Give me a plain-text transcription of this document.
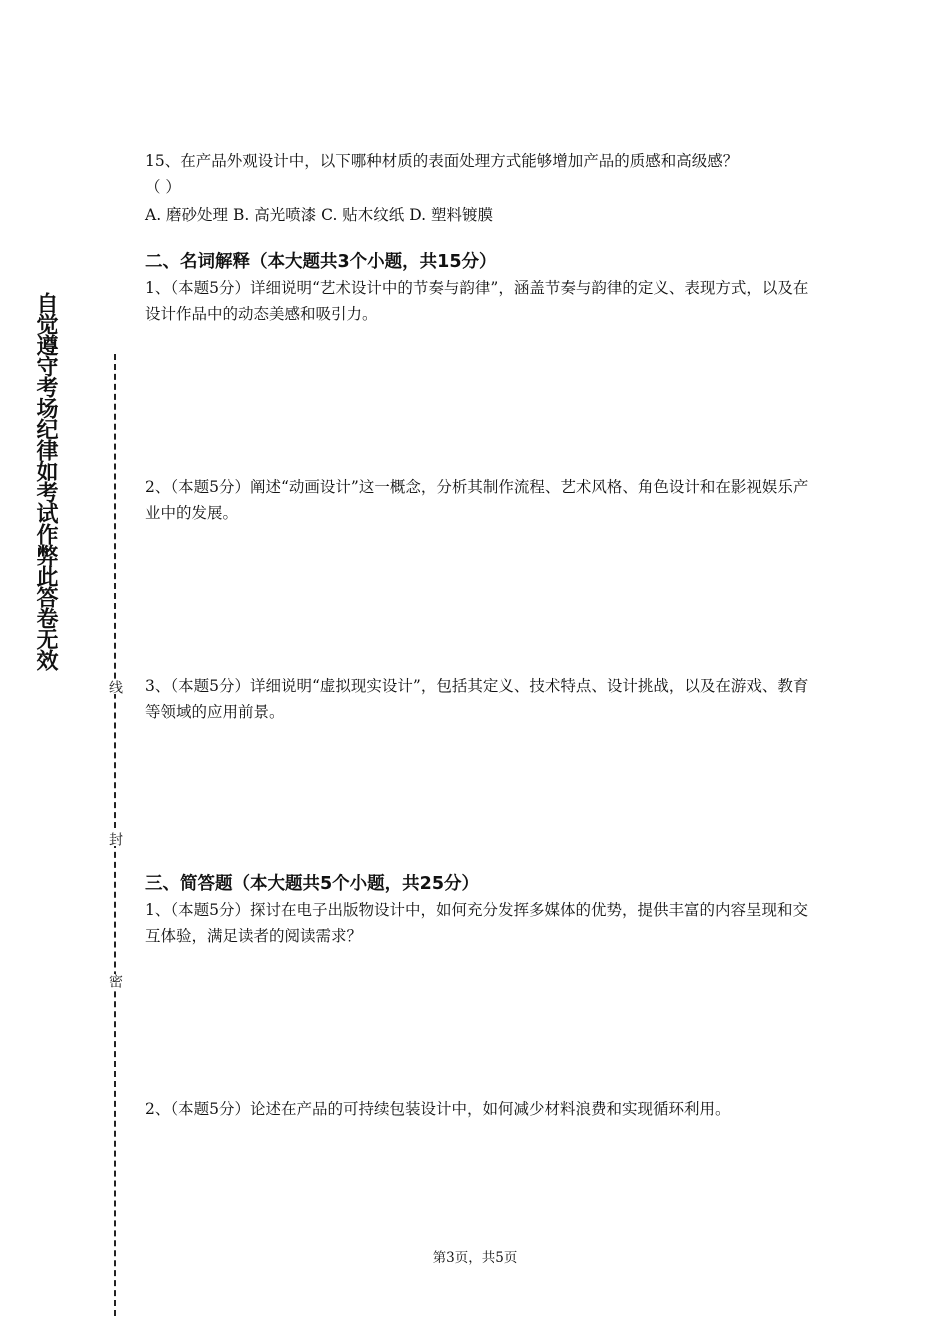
自觉遵守考场纪律如考试作弊此答卷无效
线
封
密

15、在产品外观设计中，以下哪种材质的表面处理方式能够增加产品的质感和高级感？

（ ）

A. 磨砂处理 B. 高光喷漆 C. 贴木纹纸 D. 塑料镀膜

二、名词解释（本大题共3个小题，共15分）

1、（本题5分）详细说明“艺术设计中的节奏与韵律”，涵盖节奏与韵律的定义、表现方式，以及在设计作品中的动态美感和吸引力。

2、（本题5分）阐述“动画设计”这一概念，分析其制作流程、艺术风格、角色设计和在影视娱乐产业中的发展。

3、（本题5分）详细说明“虚拟现实设计”，包括其定义、技术特点、设计挑战，以及在游戏、教育等领域的应用前景。

三、简答题（本大题共5个小题，共25分）

1、（本题5分）探讨在电子出版物设计中，如何充分发挥多媒体的优势，提供丰富的内容呈现和交互体验，满足读者的阅读需求？

2、（本题5分）论述在产品的可持续包装设计中，如何减少材料浪费和实现循环利用。

第3页，共5页
